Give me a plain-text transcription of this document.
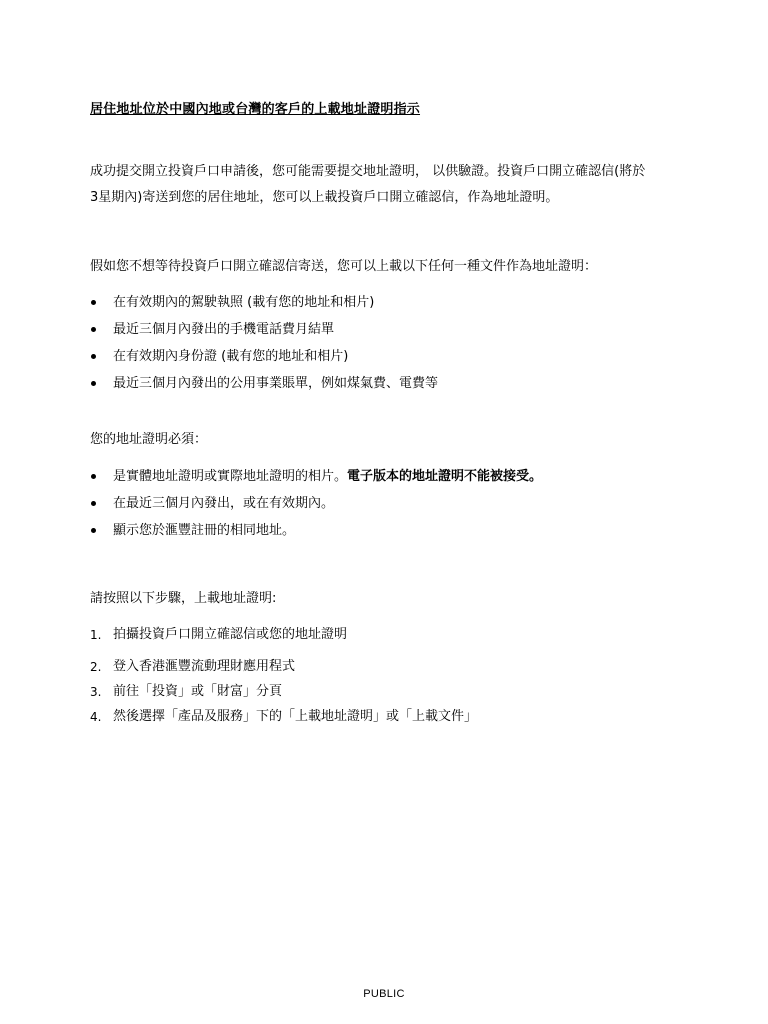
居住地址位於中國內地或台灣的客戶的上載地址證明指示
成功提交開立投資戶口申請後，您可能需要提交地址證明， 以供驗證。投資戶口開立確認信(將於
3星期內)寄送到您的居住地址，您可以上載投資戶口開立確認信，作為地址證明。
假如您不想等待投資戶口開立確認信寄送，您可以上載以下任何一種文件作為地址證明：
在有效期內的駕駛執照 (載有您的地址和相片)
最近三個月內發出的手機電話費月結單
在有效期內身份證 (載有您的地址和相片)
最近三個月內發出的公用事業賬單，例如煤氣費、電費等
您的地址證明必須：
是實體地址證明或實際地址證明的相片。電子版本的地址證明不能被接受。
在最近三個月內發出，或在有效期內。
顯示您於滙豐註冊的相同地址。
請按照以下步驟，上載地址證明:
1. 拍攝投資戶口開立確認信或您的地址證明
2. 登入香港滙豐流動理財應用程式
3. 前往「投資」或「財富」分頁
4. 然後選擇「產品及服務」下的「上載地址證明」或「上載文件」
PUBLIC
